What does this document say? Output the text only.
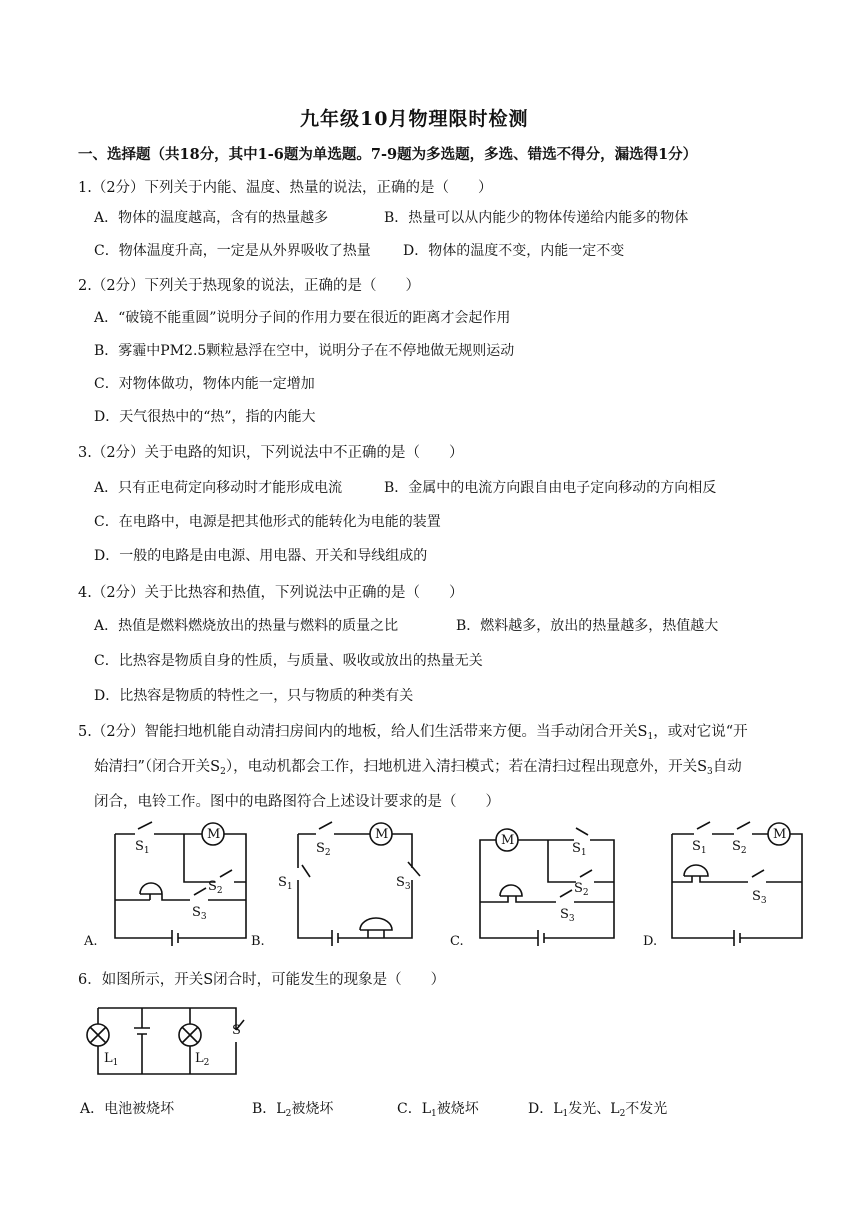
九年级10月物理限时检测
一、选择题（共18分，其中1-6题为单选题。7-9题为多选题，多选、错选不得分，漏选得1分）
1.（2分）下列关于内能、温度、热量的说法，正确的是（　　）
A．物体的温度越高，含有的热量越多	B．热量可以从内能少的物体传递给内能多的物体
C．物体温度升高，一定是从外界吸收了热量 D．物体的温度不变，内能一定不变
2.（2分）下列关于热现象的说法，正确的是（　　）
A．“破镜不能重圆”说明分子间的作用力要在很近的距离才会起作用
B．雾霾中PM2.5颗粒悬浮在空中，说明分子在不停地做无规则运动
C．对物体做功，物体内能一定增加
D．天气很热中的“热”，指的内能大
3.（2分）关于电路的知识，下列说法中不正确的是（　　）
A．只有正电荷定向移动时才能形成电流	B．金属中的电流方向跟自由电子定向移动的方向相反
C．在电路中，电源是把其他形式的能转化为电能的装置
D．一般的电路是由电源、用电器、开关和导线组成的
4.（2分）关于比热容和热值，下列说法中正确的是（　　）
A．热值是燃料燃烧放出的热量与燃料的质量之比	B．燃料越多，放出的热量越多，热值越大
C．比热容是物质自身的性质，与质量、吸收或放出的热量无关
D．比热容是物质的特性之一，只与物质的种类有关
5.（2分）智能扫地机能自动清扫房间内的地板，给人们生活带来方便。当手动闭合开关$S_1$，或对它说“开
始清扫”（闭合开关$S_2$），电动机都会工作，扫地机进入清扫模式；若在清扫过程出现意外，开关$S_3$自动
闭合，电铃工作。图中的电路图符合上述设计要求的是（　　）
M
$S_1$
$S_2$
$S_3$
A.
M
$S_2$
$S_1$	$S_3$
B.
M
$S_1$
$S_2$
$S_3$
C.
M
$S_1$ $S_2$
$S_3$
D.
6．如图所示，开关S闭合时，可能发生的现象是（　　）
$L_1$	$L_2$
S
A．电池被烧坏	B．$L_2$被烧坏	C．$L_1$被烧坏	D．$L_1$发光、$L_2$不发光
